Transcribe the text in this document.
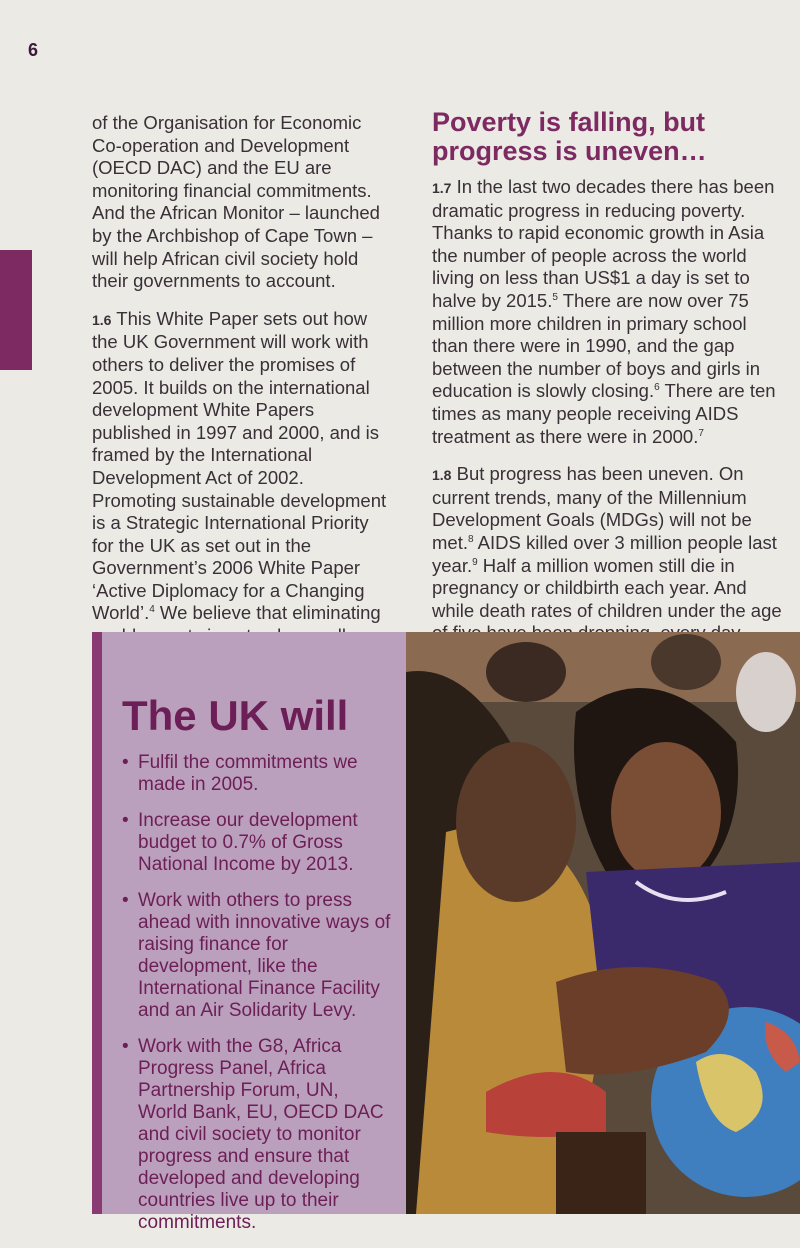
6

of the Organisation for Economic Co-operation and Development (OECD DAC) and the EU are monitoring financial commitments. And the African Monitor – launched by the Archbishop of Cape Town – will help African civil society hold their governments to account.

1.6 This White Paper sets out how the UK Government will work with others to deliver the promises of 2005. It builds on the international development White Papers published in 1997 and 2000, and is framed by the International Development Act of 2002. Promoting sustainable development is a Strategic International Priority for the UK as set out in the Government’s 2006 White Paper ‘Active Diplomacy for a Changing World’.$^4$ We believe that eliminating

Poverty is falling, but progress is uneven…

1.7 In the last two decades there has been dramatic progress in reducing poverty. Thanks to rapid economic growth in Asia the number of people across the world living on less than US$1 a day is set to halve by 2015.$^5$ There are now over 75 million more children in primary school than there were in 1990, and the gap between the number of boys and girls in education is slowly closing.$^6$ There are ten times as many people receiving AIDS treatment as there were in 2000.$^7$

1.8 But progress has been uneven. On current trends, many of the Millennium Development Goals (MDGs) will not be met.$^8$ AIDS killed over 3 million people last year.$^9$ Half a million women still die in pregnancy or childbirth each year. And while death rates of children under the age

The UK will
• Fulfil the commitments we made in 2005.
• Increase our development budget to 0.7% of Gross National Income by 2013.
• Work with others to press ahead with innovative ways of raising finance for development, like the International Finance Facility and an Air Solidarity Levy.
• Work with the G8, Africa Progress Panel, Africa Partnership Forum, UN, World Bank, EU, OECD DAC and civil society to monitor progress and ensure that developed and developing countries live up to their commitments.
